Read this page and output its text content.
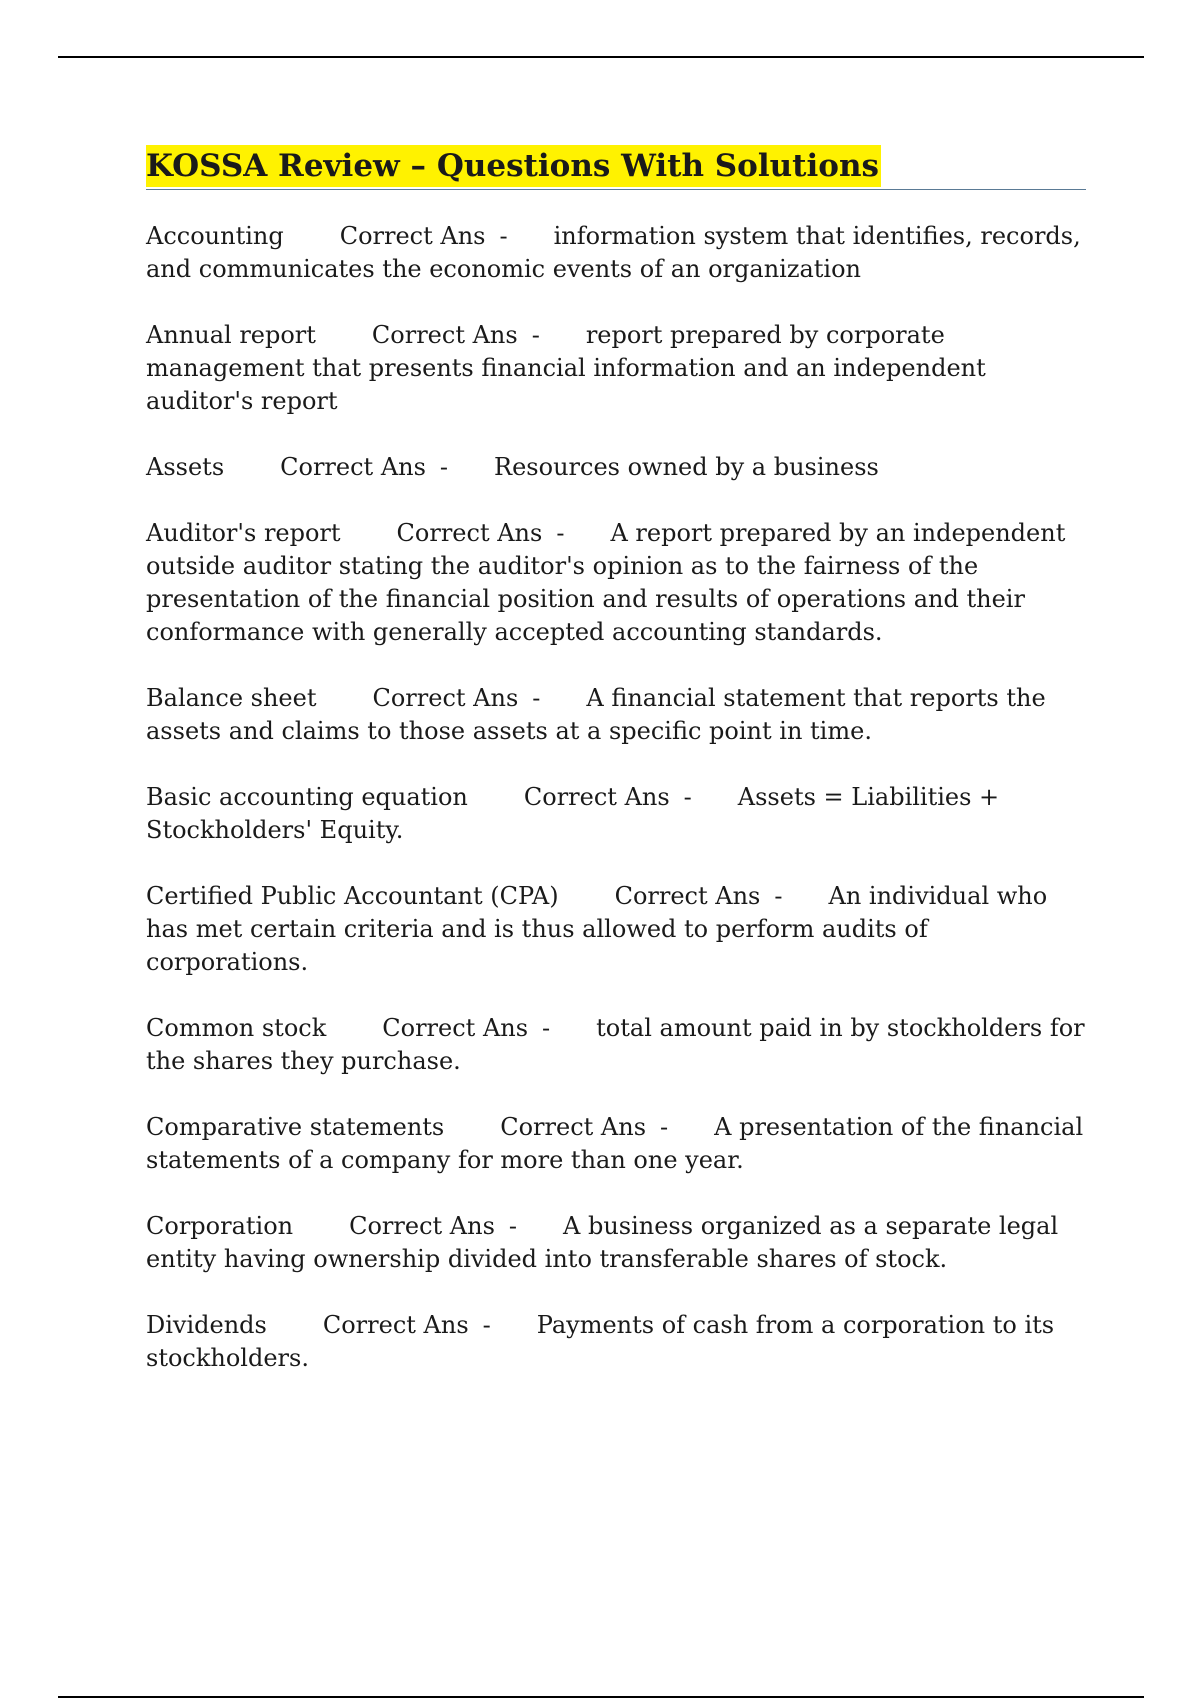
KOSSA Review – Questions With Solutions

Accounting Correct Ans - information system that identifies, records, and communicates the economic events of an organization

Annual report Correct Ans - report prepared by corporate management that presents financial information and an independent auditor's report

Assets Correct Ans - Resources owned by a business

Auditor's report Correct Ans - A report prepared by an independent outside auditor stating the auditor's opinion as to the fairness of the presentation of the financial position and results of operations and their conformance with generally accepted accounting standards.

Balance sheet Correct Ans - A financial statement that reports the assets and claims to those assets at a specific point in time.

Basic accounting equation Correct Ans - Assets = Liabilities + Stockholders' Equity.

Certified Public Accountant (CPA) Correct Ans - An individual who has met certain criteria and is thus allowed to perform audits of corporations.

Common stock Correct Ans - total amount paid in by stockholders for the shares they purchase.

Comparative statements Correct Ans - A presentation of the financial statements of a company for more than one year.

Corporation Correct Ans - A business organized as a separate legal entity having ownership divided into transferable shares of stock.

Dividends Correct Ans - Payments of cash from a corporation to its stockholders.
